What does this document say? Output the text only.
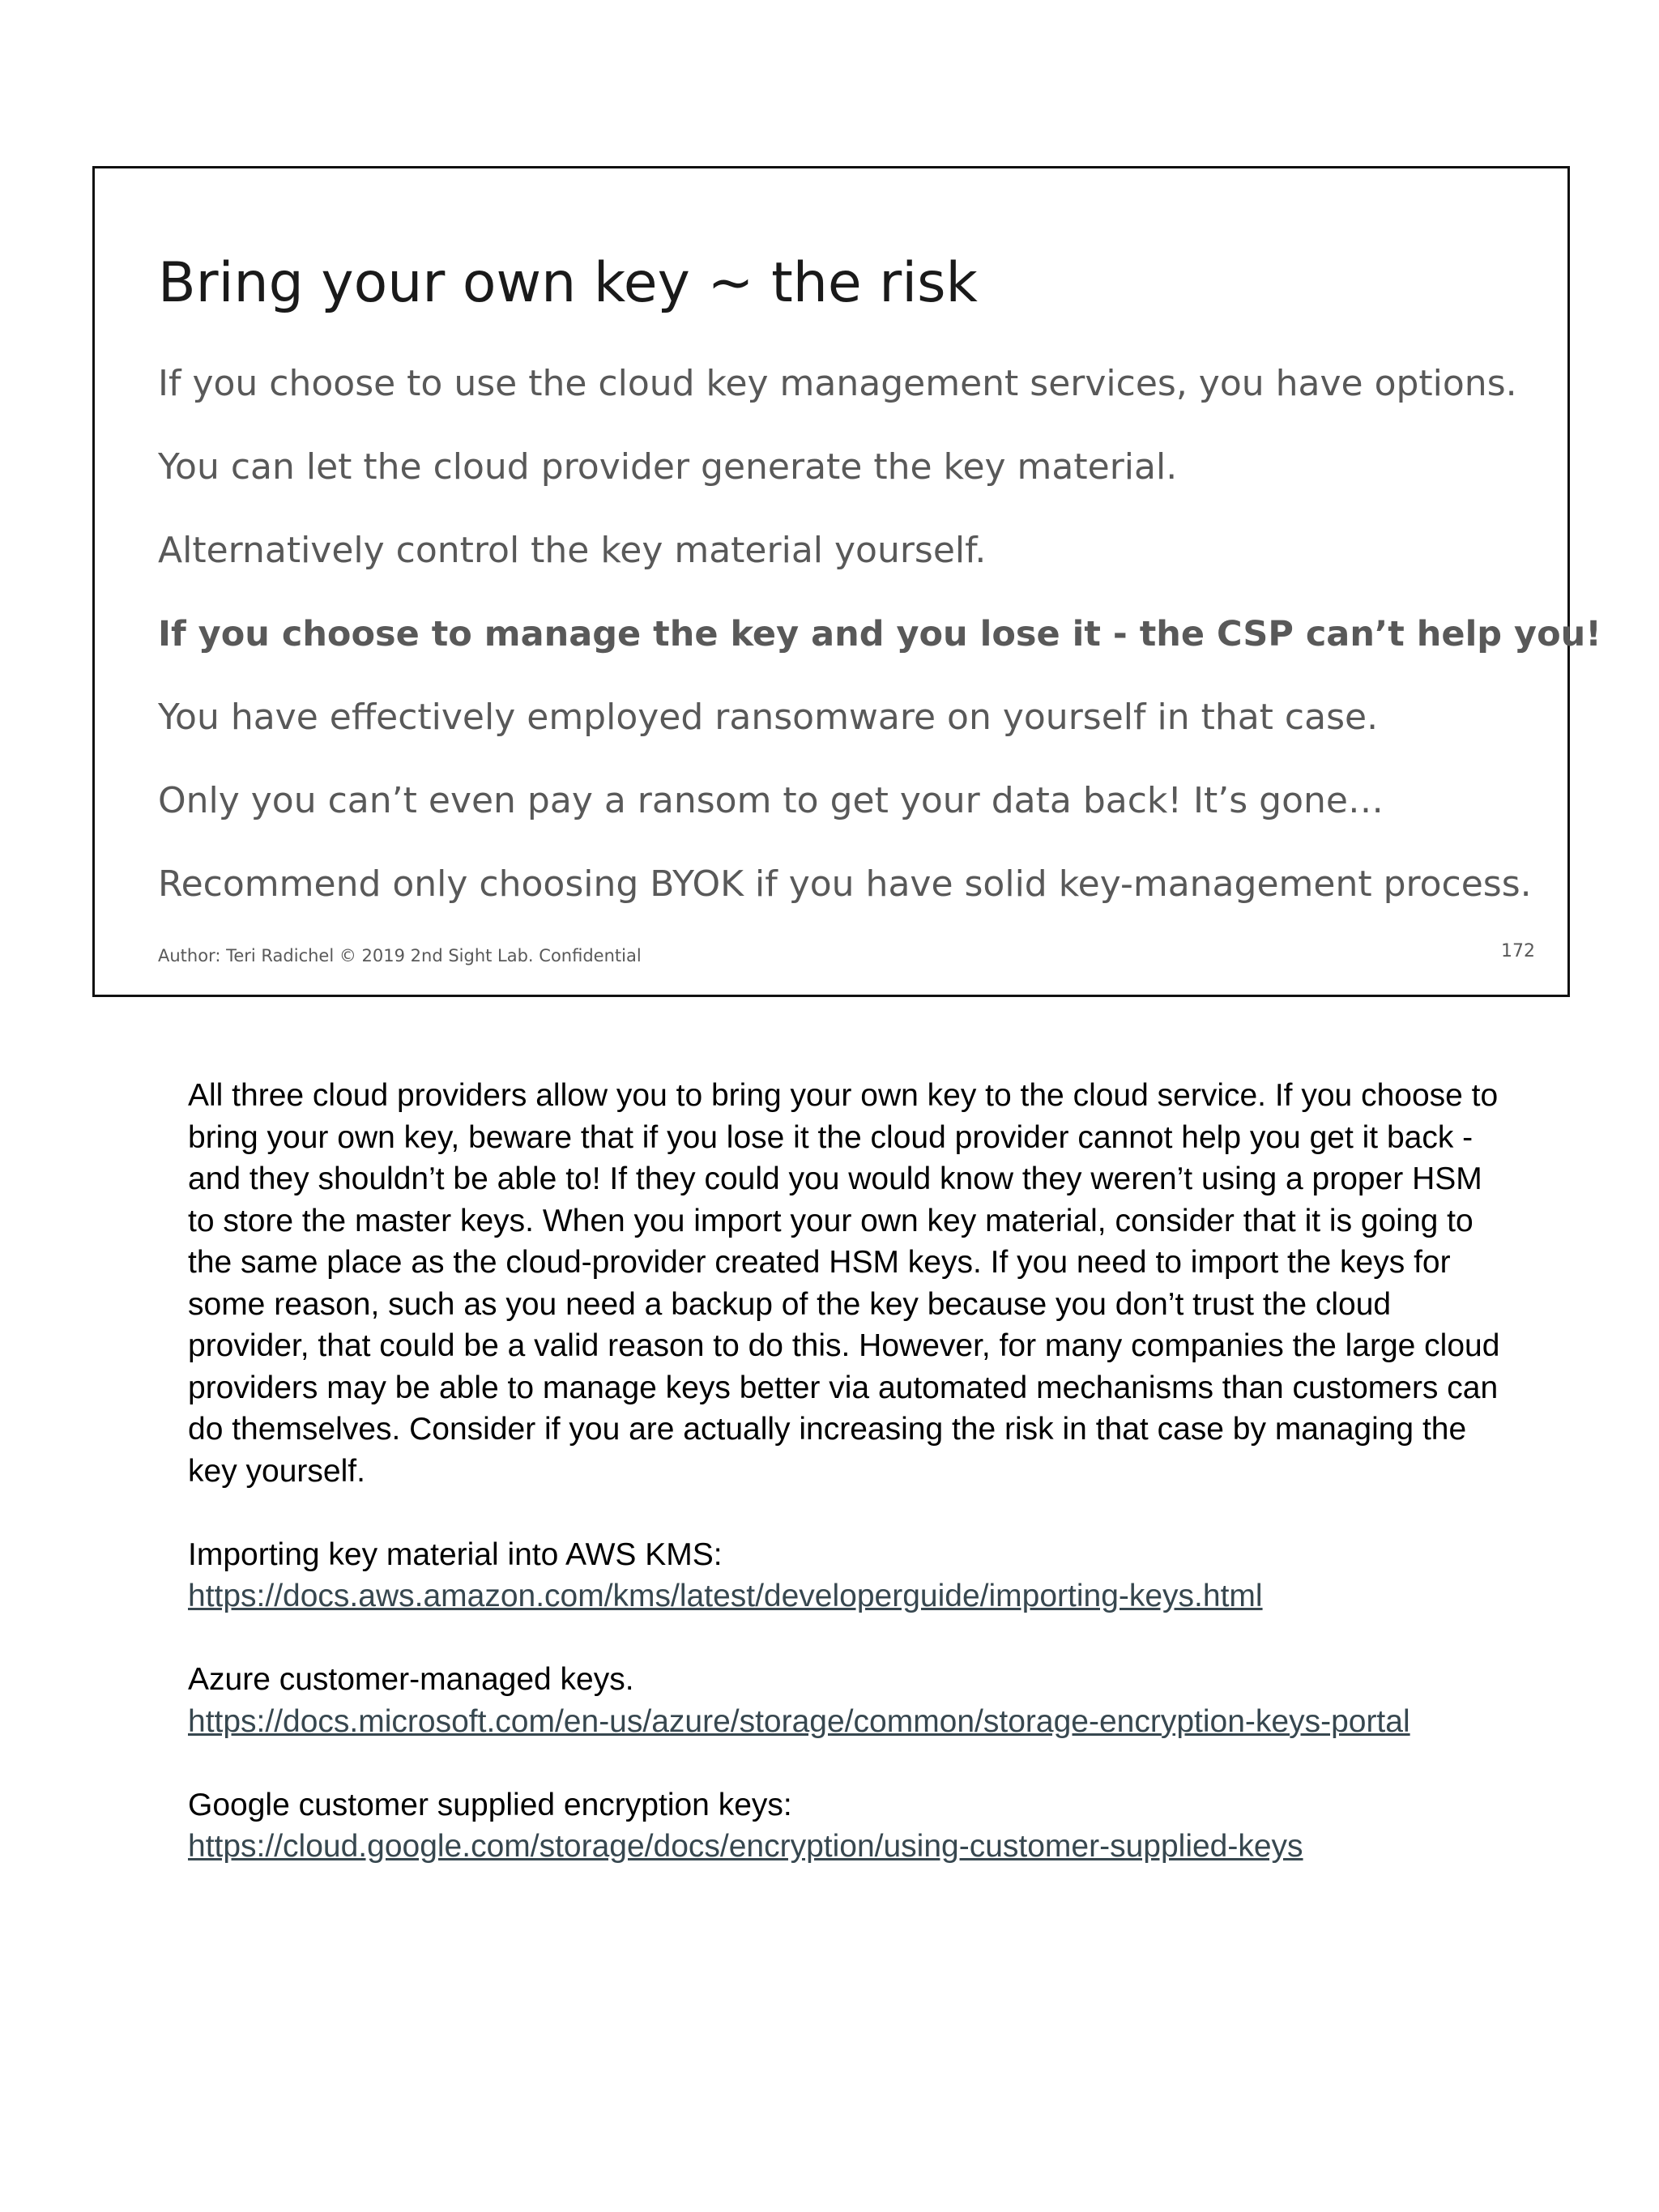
Bring your own key ~ the risk

If you choose to use the cloud key management services, you have options.

You can let the cloud provider generate the key material.

Alternatively control the key material yourself.

If you choose to manage the key and you lose it - the CSP can’t help you!

You have effectively employed ransomware on yourself in that case.

Only you can’t even pay a ransom to get your data back! It’s gone…

Recommend only choosing BYOK if you have solid key-management process.

Author: Teri Radichel © 2019 2nd Sight Lab. Confidential	172

All three cloud providers allow you to bring your own key to the cloud service. If you choose to bring your own key, beware that if you lose it the cloud provider cannot help you get it back - and they shouldn’t be able to! If they could you would know they weren’t using a proper HSM to store the master keys. When you import your own key material, consider that it is going to the same place as the cloud-provider created HSM keys. If you need to import the keys for some reason, such as you need a backup of the key because you don’t trust the cloud provider, that could be a valid reason to do this. However, for many companies the large cloud providers may be able to manage keys better via automated mechanisms than customers can do themselves. Consider if you are actually increasing the risk in that case by managing the key yourself.

Importing key material into AWS KMS:
https://docs.aws.amazon.com/kms/latest/developerguide/importing-keys.html

Azure customer-managed keys.
https://docs.microsoft.com/en-us/azure/storage/common/storage-encryption-keys-portal

Google customer supplied encryption keys:
https://cloud.google.com/storage/docs/encryption/using-customer-supplied-keys
